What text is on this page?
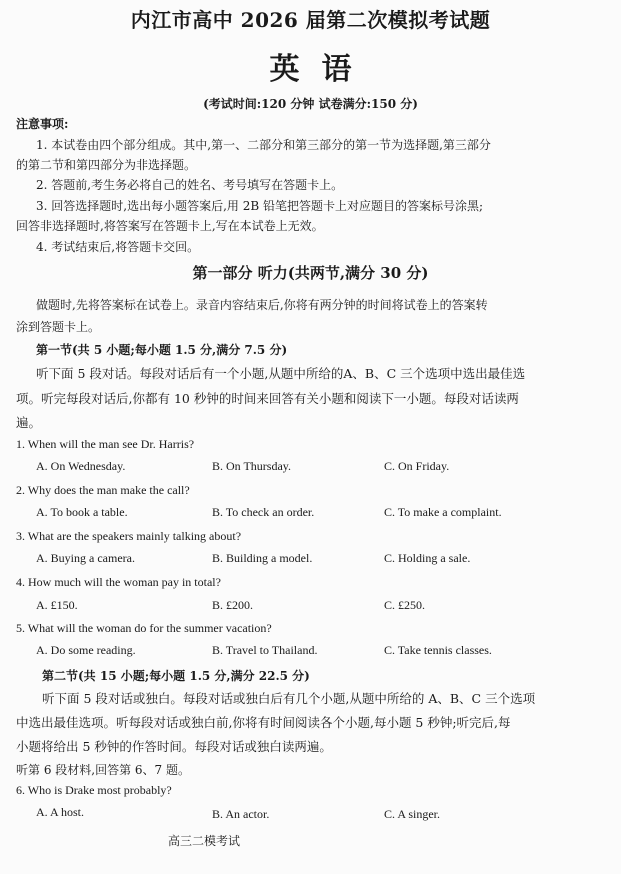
内江市高中 2026 届第二次模拟考试题
英语
(考试时间:120 分钟 试卷满分:150 分)
注意事项:
1. 本试卷由四个部分组成。其中,第一、二部分和第三部分的第一节为选择题,第三部分
的第二节和第四部分为非选择题。
2. 答题前,考生务必将自己的姓名、考号填写在答题卡上。
3. 回答选择题时,选出每小题答案后,用 2B 铅笔把答题卡上对应题目的答案标号涂黑;
回答非选择题时,将答案写在答题卡上,写在本试卷上无效。
4. 考试结束后,将答题卡交回。
第一部分 听力(共两节,满分 30 分)
做题时,先将答案标在试卷上。录音内容结束后,你将有两分钟的时间将试卷上的答案转
涂到答题卡上。
第一节(共 5 小题;每小题 1.5 分,满分 7.5 分)
听下面 5 段对话。每段对话后有一个小题,从题中所给的A、B、C 三个选项中选出最佳选
项。听完每段对话后,你都有 10 秒钟的时间来回答有关小题和阅读下一小题。每段对话读两
遍。
1. When will the man see Dr. Harris?
A. On Wednesday.	B. On Thursday.	C. On Friday.
2. Why does the man make the call?
A. To book a table.	B. To check an order.	C. To make a complaint.
3. What are the speakers mainly talking about?
A. Buying a camera.	B. Building a model.	C. Holding a sale.
4. How much will the woman pay in total?
A. £150.	B. £200.	C. £250.
5. What will the woman do for the summer vacation?
A. Do some reading.	B. Travel to Thailand.	C. Take tennis classes.
第二节(共 15 小题;每小题 1.5 分,满分 22.5 分)
听下面 5 段对话或独白。每段对话或独白后有几个小题,从题中所给的 A、B、C 三个选项
中选出最佳选项。听每段对话或独白前,你将有时间阅读各个小题,每小题 5 秒钟;听完后,每
小题将给出 5 秒钟的作答时间。每段对话或独白读两遍。
听第 6 段材料,回答第 6、7 题。
6. Who is Drake most probably?
A. A host.	B. An actor.	C. A singer.
高三二模考试
